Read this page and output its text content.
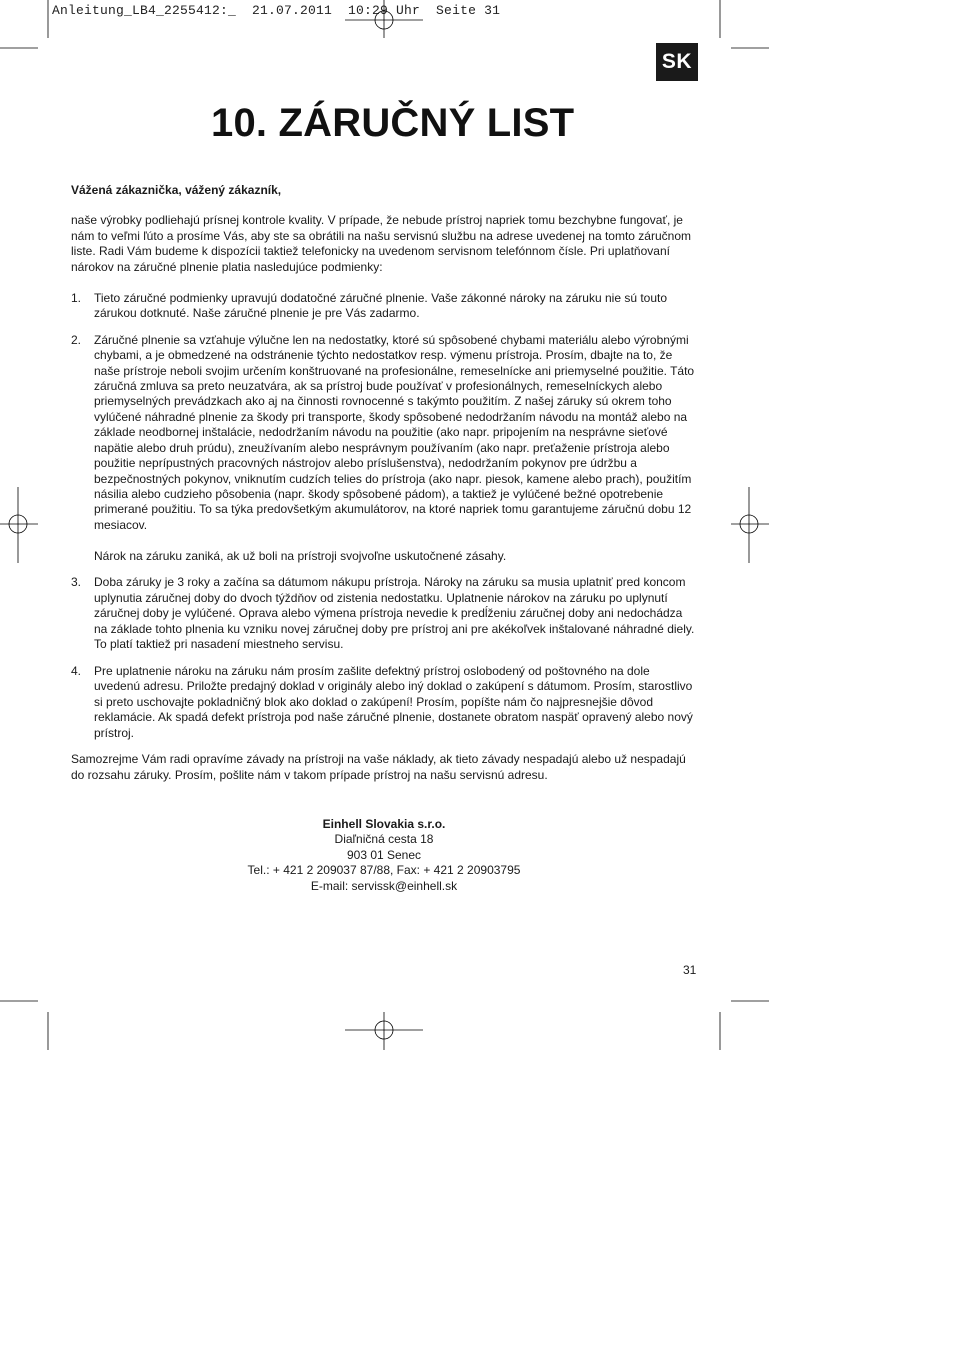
Anleitung_LB4_2255412:_  21.07.2011  10:29 Uhr  Seite 31
SK
10. ZÁRUČNÝ LIST

Vážená zákaznička, vážený zákazník,

naše výrobky podliehajú prísnej kontrole kvality. V prípade, že nebude prístroj napriek tomu bezchybne fungovať, je nám to veľmi ľúto a prosíme Vás, aby ste sa obrátili na našu servisnú službu na adrese uvedenej na tomto záručnom liste. Radi Vám budeme k dispozícii taktiež telefonicky na uvedenom servisnom telefónnom čísle. Pri uplatňovaní nárokov na záručné plnenie platia nasledujúce podmienky:

1. Tieto záručné podmienky upravujú dodatočné záručné plnenie. Vaše zákonné nároky na záruku nie sú touto zárukou dotknuté. Naše záručné plnenie je pre Vás zadarmo.

2. Záručné plnenie sa vzťahuje výlučne len na nedostatky, ktoré sú spôsobené chybami materiálu alebo výrobnými chybami, a je obmedzené na odstránenie týchto nedostatkov resp. výmenu prístroja. Prosím, dbajte na to, že naše prístroje neboli svojim určením konštruované na profesionálne, remeselnícke ani priemyselné použitie. Táto záručná zmluva sa preto neuzatvára, ak sa prístroj bude používať v profesionálnych, remeselníckych alebo priemyselných prevádzkach ako aj na činnosti rovnocenné s takýmto použitím. Z našej záruky sú okrem toho vylúčené náhradné plnenie za škody pri transporte, škody spôsobené nedodržaním návodu na montáž alebo na základe neodbornej inštalácie, nedodržaním návodu na použitie (ako napr. pripojením na nesprávne sieťové napätie alebo druh prúdu), zneužívaním alebo nesprávnym používaním (ako napr. preťaženie prístroja alebo použitie neprípustných pracovných nástrojov alebo príslušenstva), nedodržaním pokynov pre údržbu a bezpečnostných pokynov, vniknutím cudzích telies do prístroja (ako napr. piesok, kamene alebo prach), použitím násilia alebo cudzieho pôsobenia (napr. škody spôsobené pádom), a taktiež je vylúčené bežné opotrebenie primerané použitiu. To sa týka predovšetkým akumulátorov, na ktoré napriek tomu garantujeme záručnú dobu 12 mesiacov.

Nárok na záruku zaniká, ak už boli na prístroji svojvoľne uskutočnené zásahy.

3. Doba záruky je 3 roky a začína sa dátumom nákupu prístroja. Nároky na záruku sa musia uplatniť pred koncom uplynutia záručnej doby do dvoch týždňov od zistenia nedostatku. Uplatnenie nárokov na záruku po uplynutí záručnej doby je vylúčené. Oprava alebo výmena prístroja nevedie k predĺženiu záručnej doby ani nedochádza na základe tohto plnenia ku vzniku novej záručnej doby pre prístroj ani pre akékoľvek inštalované náhradné diely. To platí taktiež pri nasadení miestneho servisu.

4. Pre uplatnenie nároku na záruku nám prosím zašlite defektný prístroj oslobodený od poštovného na dole uvedenú adresu. Priložte predajný doklad v originály alebo iný doklad o zakúpení s dátumom. Prosím, starostlivo si preto uschovajte pokladničný blok ako doklad o zakúpení! Prosím, popíšte nám čo najpresnejšie dôvod reklamácie. Ak spadá defekt prístroja pod naše záručné plnenie, dostanete obratom naspäť opravený alebo nový prístroj.

Samozrejme Vám radi opravíme závady na prístroji na vaše náklady, ak tieto závady nespadajú alebo už nespadajú do rozsahu záruky. Prosím, pošlite nám v takom prípade prístroj na našu servisnú adresu.

Einhell Slovakia s.r.o.
Diaľničná cesta 18
903 01 Senec
Tel.: + 421 2 209037 87/88, Fax: + 421 2 20903795
E-mail: servissk@einhell.sk
31
